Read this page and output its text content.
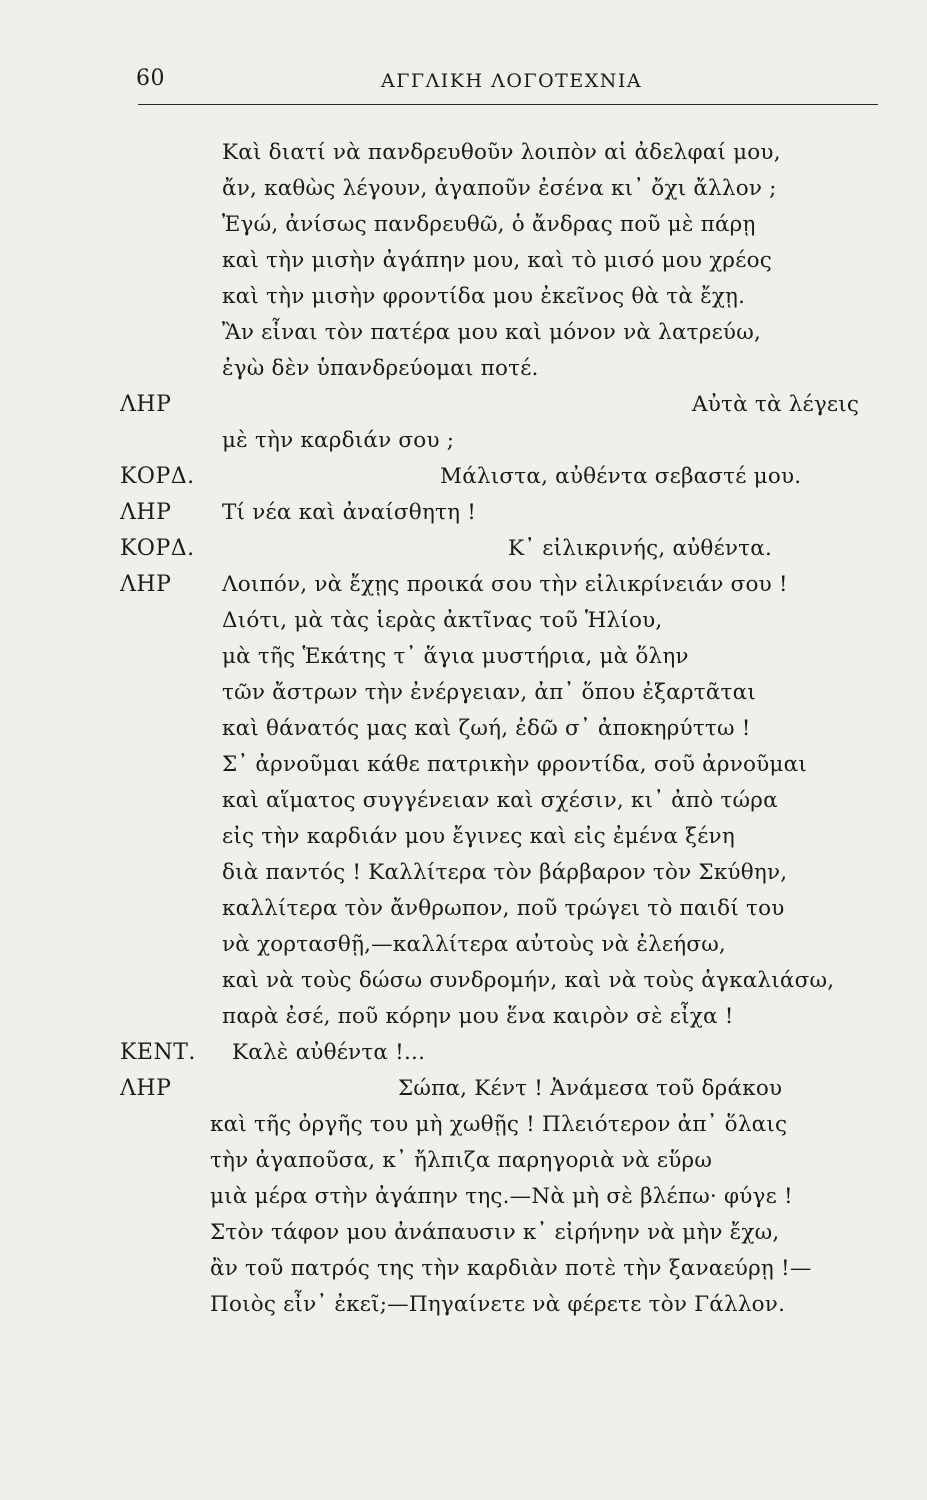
60	ΑΓΓΛΙΚΗ ΛΟΓΟΤΕΧΝΙΑ
Καὶ διατί νὰ πανδρευθοῦν λοιπὸν αἱ ἀδελφαί μου,
ἄν, καθὼς λέγουν, ἀγαποῦν ἐσένα κι᾽ ὄχι ἄλλον ;
Ἐγώ, ἀνίσως πανδρευθῶ, ὁ ἄνδρας ποῦ μὲ πάρῃ
καὶ τὴν μισὴν ἀγάπην μου, καὶ τὸ μισό μου χρέος
καὶ τὴν μισὴν φροντίδα μου ἐκεῖνος θὰ τὰ ἔχῃ.
Ἂν εἶναι τὸν πατέρα μου καὶ μόνον νὰ λατρεύω,
ἐγὼ δὲν ὑπανδρεύομαι ποτέ.
ΛΗΡ	Αὐτὰ τὰ λέγεις
μὲ τὴν καρδιάν σου ;
ΚΟΡΔ.	Μάλιστα, αὐθέντα σεβαστέ μου.
ΛΗΡ Τί νέα καὶ ἀναίσθητη !
ΚΟΡΔ.	Κ᾽ εἰλικρινής, αὐθέντα.
ΛΗΡ Λοιπόν, νὰ ἔχῃς προικά σου τὴν εἰλικρίνειάν σου !
Διότι, μὰ τὰς ἱερὰς ἀκτῖνας τοῦ Ἡλίου,
μὰ τῆς Ἑκάτης τ᾽ ἅγια μυστήρια, μὰ ὅλην
τῶν ἄστρων τὴν ἐνέργειαν, ἀπ᾽ ὅπου ἐξαρτᾶται
καὶ θάνατός μας καὶ ζωή, ἐδῶ σ᾽ ἀποκηρύττω !
Σ᾽ ἀρνοῦμαι κάθε πατρικὴν φροντίδα, σοῦ ἀρνοῦμαι
καὶ αἵματος συγγένειαν καὶ σχέσιν, κι᾽ ἀπὸ τώρα
εἰς τὴν καρδιάν μου ἔγινες καὶ εἰς ἐμένα ξένη
διὰ παντός ! Καλλίτερα τὸν βάρβαρον τὸν Σκύθην,
καλλίτερα τὸν ἄνθρωπον, ποῦ τρώγει τὸ παιδί του
νὰ χορτασθῇ,—καλλίτερα αὐτοὺς νὰ ἐλεήσω,
καὶ νὰ τοὺς δώσω συνδρομήν, καὶ νὰ τοὺς ἀγκαλιάσω,
παρὰ ἐσέ, ποῦ κόρην μου ἕνα καιρὸν σὲ εἶχα !
ΚΕΝΤ. Καλὲ αὐθέντα !...
ΛΗΡ	Σώπα, Κέντ ! Ἀνάμεσα τοῦ δράκου
καὶ τῆς ὀργῆς του μὴ χωθῇς ! Πλειότερον ἀπ᾽ ὅλαις
τὴν ἀγαποῦσα, κ᾽ ἤλπιζα παρηγοριὰ νὰ εὕρω
μιὰ μέρα στὴν ἀγάπην της.—Νὰ μὴ σὲ βλέπω· φύγε !
Στὸν τάφον μου ἀνάπαυσιν κ᾽ εἰρήνην νὰ μὴν ἔχω,
ἂν τοῦ πατρός της τὴν καρδιὰν ποτὲ τὴν ξαναεύρῃ !—
Ποιὸς εἶν᾽ ἐκεῖ;—Πηγαίνετε νὰ φέρετε τὸν Γάλλον.
